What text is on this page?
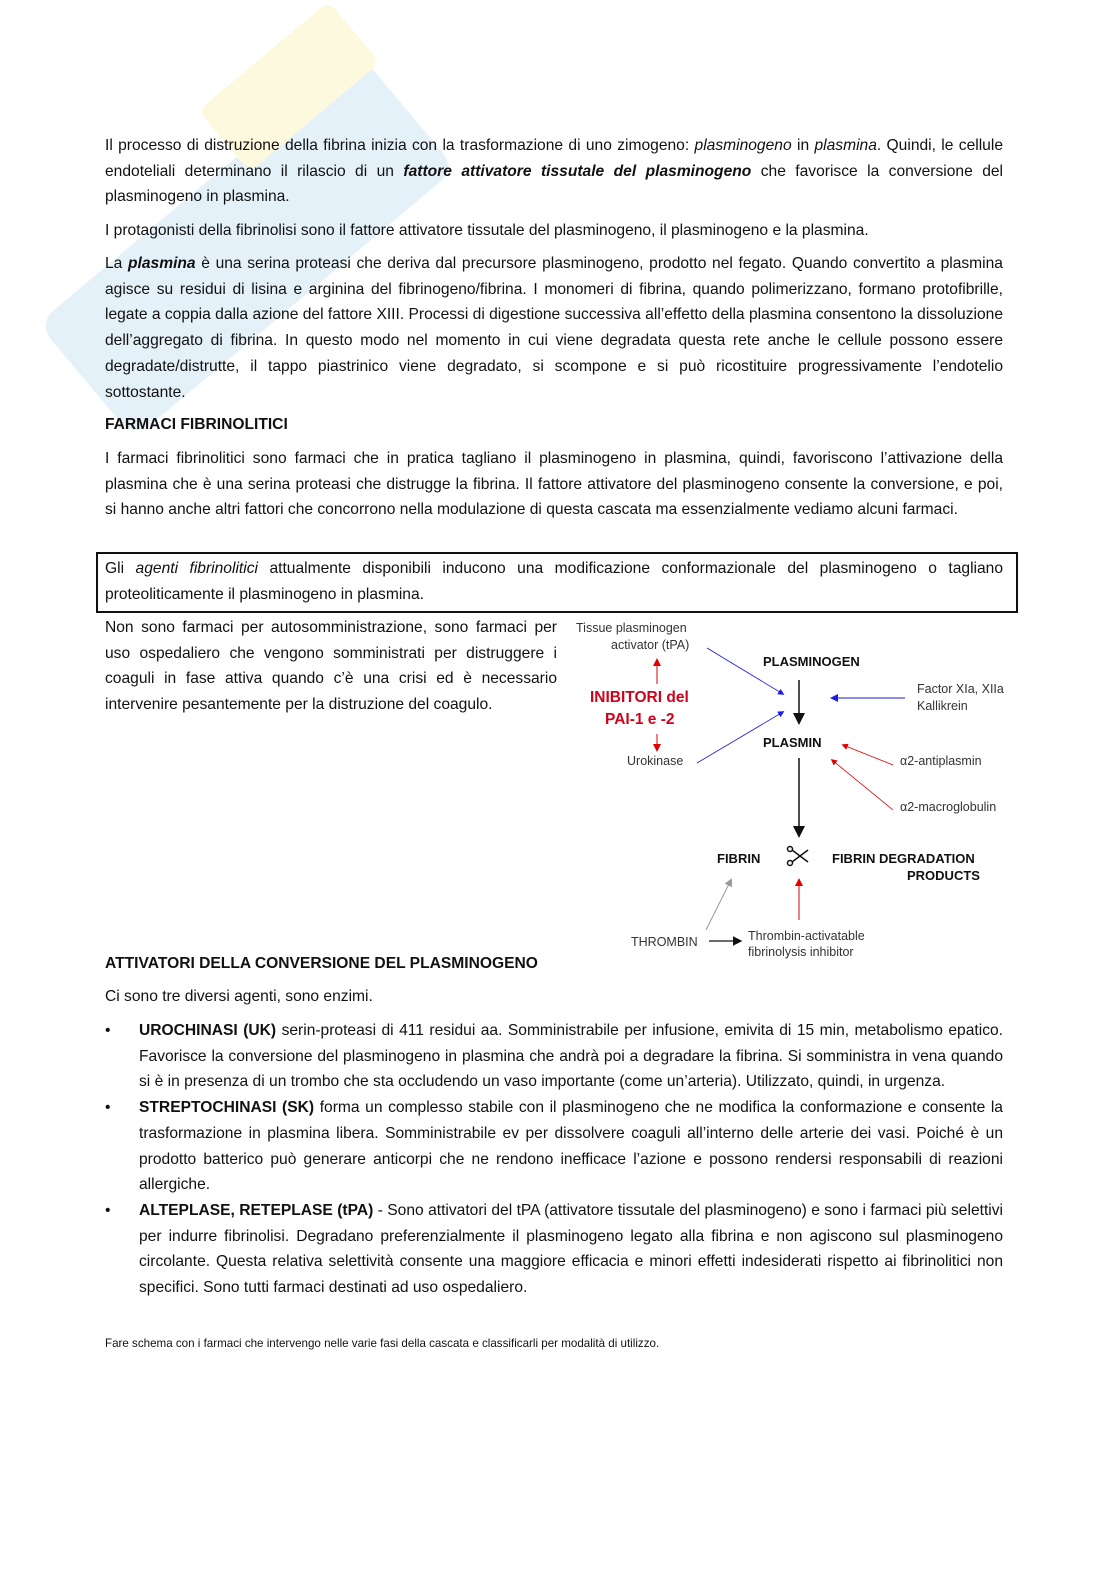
Il processo di distruzione della fibrina inizia con la trasformazione di uno zimogeno: plasminogeno in plasmina. Quindi, le cellule endoteliali determinano il rilascio di un fattore attivatore tissutale del plasminogeno che favorisce la conversione del plasminogeno in plasmina.

I protagonisti della fibrinolisi sono il fattore attivatore tissutale del plasminogeno, il plasminogeno e la plasmina.

La plasmina è una serina proteasi che deriva dal precursore plasminogeno, prodotto nel fegato. Quando convertito a plasmina agisce su residui di lisina e arginina del fibrinogeno/fibrina. I monomeri di fibrina, quando polimerizzano, formano protofibrille, legate a coppia dalla azione del fattore XIII. Processi di digestione successiva all’effetto della plasmina consentono la dissoluzione dell’aggregato di fibrina. In questo modo nel momento in cui viene degradata questa rete anche le cellule possono essere degradate/distrutte, il tappo piastrinico viene degradato, si scompone e si può ricostituire progressivamente l’endotelio sottostante.

FARMACI FIBRINOLITICI

I farmaci fibrinolitici sono farmaci che in pratica tagliano il plasminogeno in plasmina, quindi, favoriscono l’attivazione della plasmina che è una serina proteasi che distrugge la fibrina. Il fattore attivatore del plasminogeno consente la conversione, e poi, si hanno anche altri fattori che concorrono nella modulazione di questa cascata ma essenzialmente vediamo alcuni farmaci.

Gli agenti fibrinolitici attualmente disponibili inducono una modificazione conformazionale del plasminogeno o tagliano proteoliticamente il plasminogeno in plasmina.

Non sono farmaci per autosomministrazione, sono farmaci per uso ospedaliero che vengono somministrati per distruggere i coaguli in fase attiva quando c’è una crisi ed è necessario intervenire pesantemente per la distruzione del coagulo.

Tissue plasminogen
activator (tPA)
PLASMINOGEN
INIBITORI del
PAI-1 e -2
Urokinase
Factor XIa, XIIa
Kallikrein
PLASMIN
α2-antiplasmin
α2-macroglobulin
FIBRIN	FIBRIN DEGRADATION
PRODUCTS
THROMBIN	Thrombin-activatable
fibrinolysis inhibitor

ATTIVATORI DELLA CONVERSIONE DEL PLASMINOGENO

Ci sono tre diversi agenti, sono enzimi.

• UROCHINASI (UK) serin-proteasi di 411 residui aa. Somministrabile per infusione, emivita di 15 min, metabolismo epatico. Favorisce la conversione del plasminogeno in plasmina che andrà poi a degradare la fibrina. Si somministra in vena quando si è in presenza di un trombo che sta occludendo un vaso importante (come un’arteria). Utilizzato, quindi, in urgenza.
• STREPTOCHINASI (SK) forma un complesso stabile con il plasminogeno che ne modifica la conformazione e consente la trasformazione in plasmina libera. Somministrabile ev per dissolvere coaguli all’interno delle arterie dei vasi. Poiché è un prodotto batterico può generare anticorpi che ne rendono inefficace l’azione e possono rendersi responsabili di reazioni allergiche.
• ALTEPLASE, RETEPLASE (tPA) - Sono attivatori del tPA (attivatore tissutale del plasminogeno) e sono i farmaci più selettivi per indurre fibrinolisi. Degradano preferenzialmente il plasminogeno legato alla fibrina e non agiscono sul plasminogeno circolante. Questa relativa selettività consente una maggiore efficacia e minori effetti indesiderati rispetto ai fibrinolitici non specifici. Sono tutti farmaci destinati ad uso ospedaliero.
Fare schema con i farmaci che intervengo nelle varie fasi della cascata e classificarli per modalità di utilizzo.
